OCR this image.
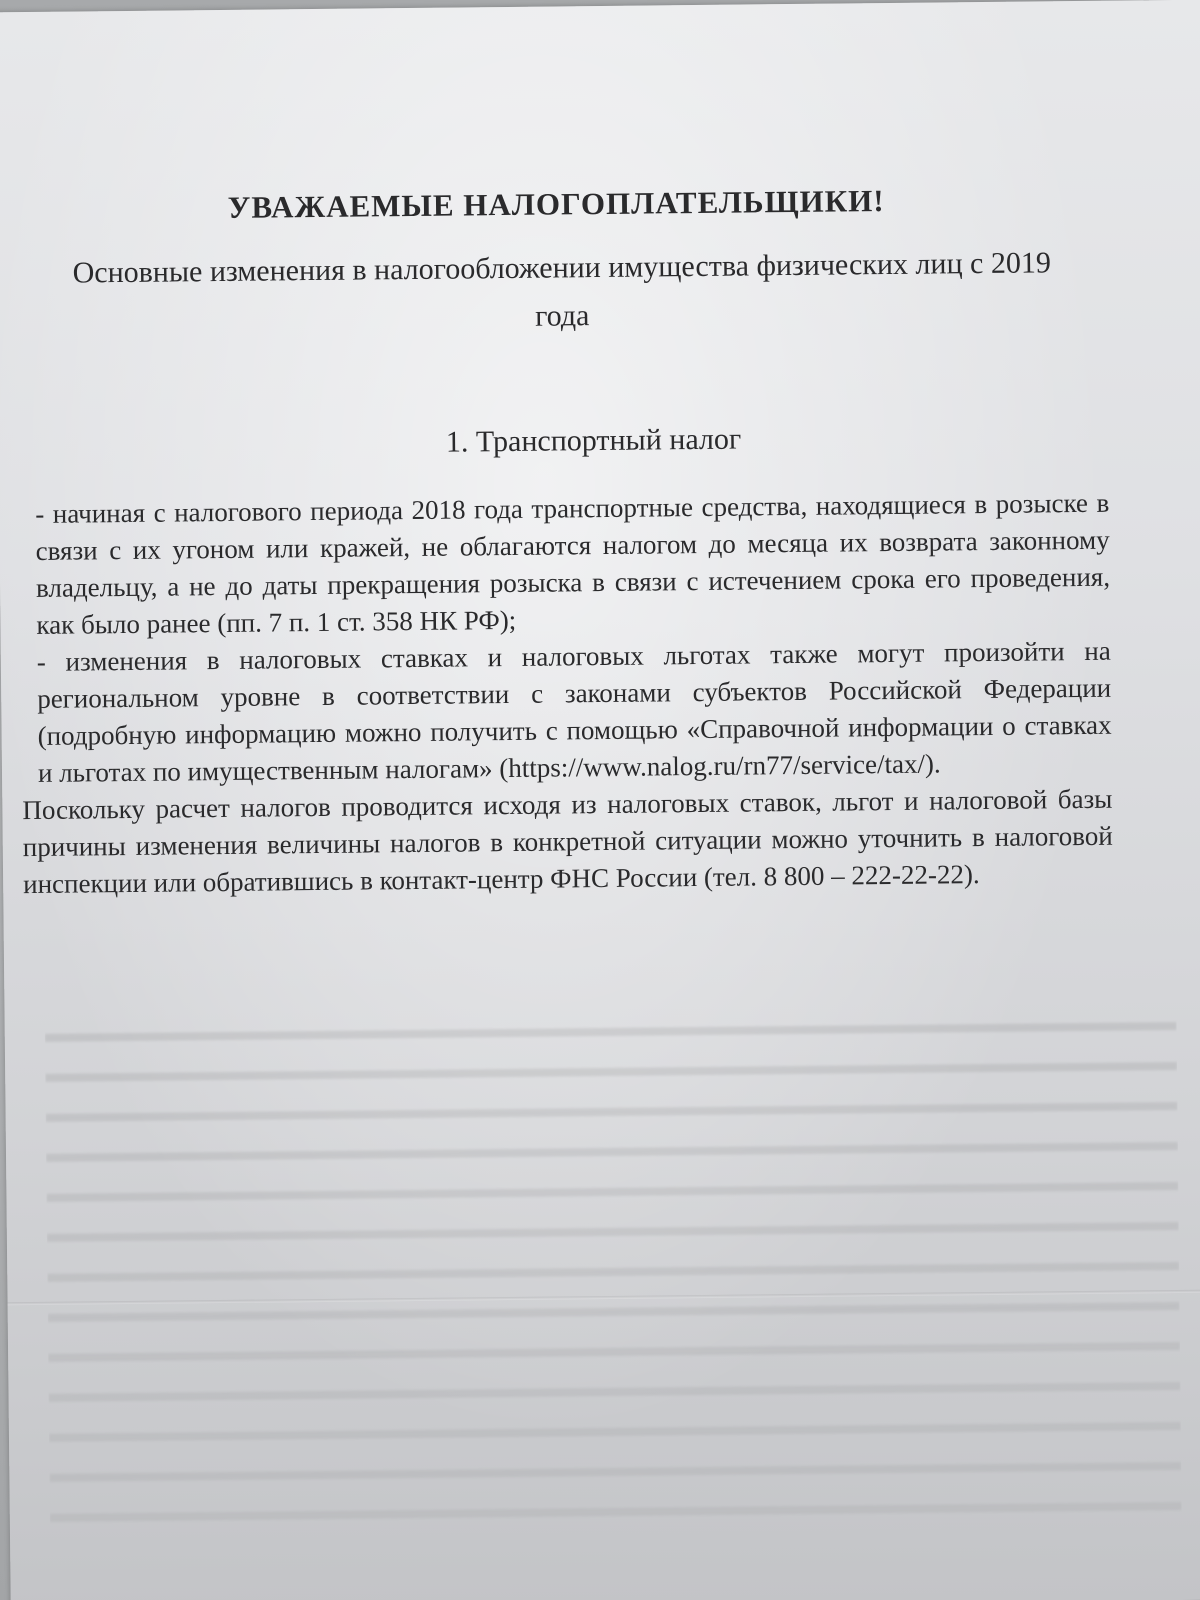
УВАЖАЕМЫЕ НАЛОГОПЛАТЕЛЬЩИКИ!
Основные изменения в налогообложении имущества физических лиц с 2019 года
1. Транспортный налог

- начиная с налогового периода 2018 года транспортные средства, находящиеся в розыске в связи с их угоном или кражей, не облагаются налогом до месяца их возврата законному владельцу, а не до даты прекращения розыска в связи с истечением срока его проведения, как было ранее (пп. 7 п. 1 ст. 358 НК РФ);

- изменения в налоговых ставках и налоговых льготах также могут произойти на региональном уровне в соответствии с законами субъектов Российской Федерации (подробную информацию можно получить с помощью «Справочной информации о ставках и льготах по имущественным налогам» (https://www.nalog.ru/rn77/service/tax/).

Поскольку расчет налогов проводится исходя из налоговых ставок, льгот и налоговой базы причины изменения величины налогов в конкретной ситуации можно уточнить в налоговой инспекции или обратившись в контакт-центр ФНС России (тел. 8 800 – 222-22-22).
